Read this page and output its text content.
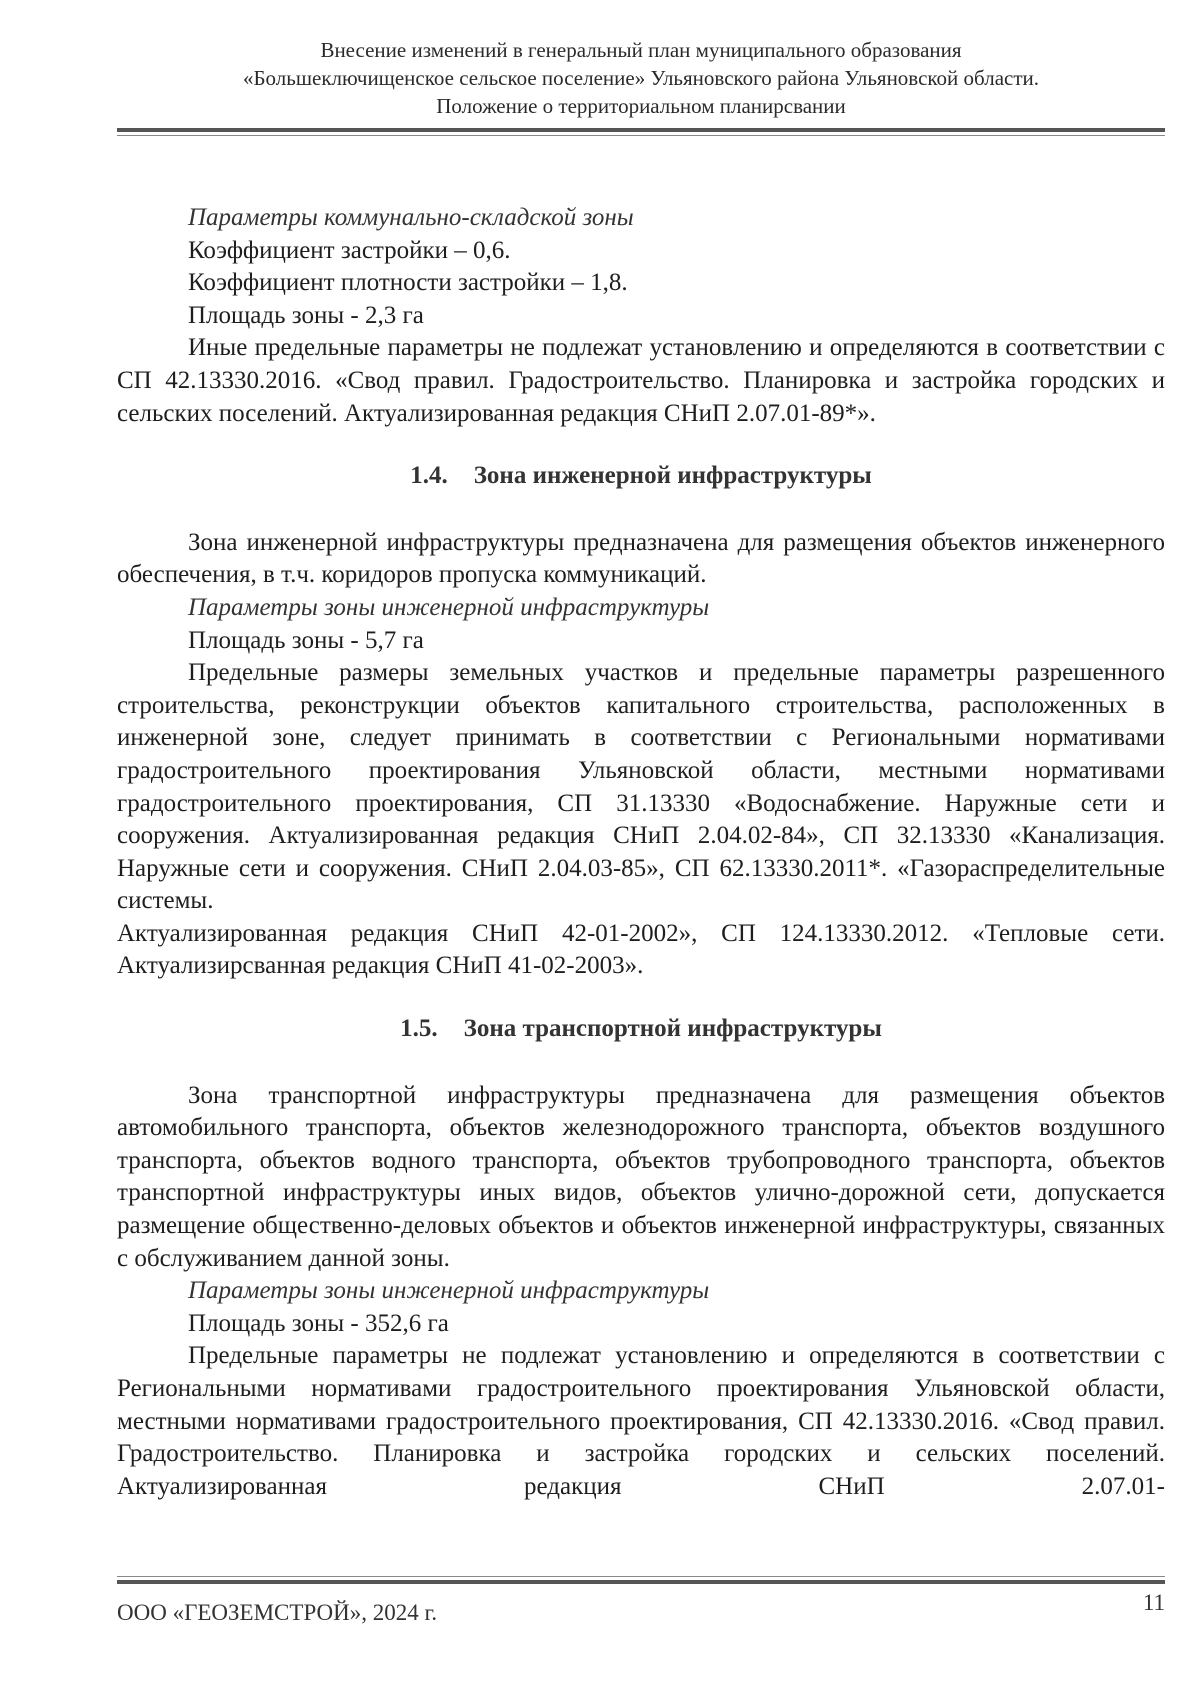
Внесение изменений в генеральный план муниципального образования
«Большеключищенское сельское поселение» Ульяновского района Ульяновской области.
Положение о территориальном планирсвании

Параметры коммунально-складской зоны

Коэффициент застройки – 0,6.

Коэффициент плотности застройки – 1,8.

Площадь зоны - 2,3 га

Иные предельные параметры не подлежат установлению и определяются в соответствии с СП 42.13330.2016. «Свод правил. Градостроительство. Планировка и застройка городских и сельских поселений. Актуализированная редакция СНиП 2.07.01-89*».

1.4. Зона инженерной инфраструктуры

Зона инженерной инфраструктуры предназначена для размещения объектов инженерного обеспечения, в т.ч. коридоров пропуска коммуникаций.

Параметры зоны инженерной инфраструктуры

Площадь зоны - 5,7 га

Предельные размеры земельных участков и предельные параметры разрешенного строительства, реконструкции объектов капитального строительства, расположенных в инженерной зоне, следует принимать в соответствии с Региональными нормативами градостроительного проектирования Ульяновской области, местными нормативами градостроительного проектирования, СП 31.13330 «Водоснабжение. Наружные сети и сооружения. Актуализированная редакция СНиП 2.04.02-84», СП 32.13330 «Канализация. Наружные сети и сооружения. СНиП 2.04.03-85», СП 62.13330.2011*. «Газораспределительные системы.

Актуализированная редакция СНиП 42-01-2002», СП 124.13330.2012. «Тепловые сети. Актуализирсванная редакция СНиП 41-02-2003».

1.5. Зона транспортной инфраструктуры

Зона транспортной инфраструктуры предназначена для размещения объектов автомобильного транспорта, объектов железнодорожного транспорта, объектов воздушного транспорта, объектов водного транспорта, объектов трубопроводного транспорта, объектов транспортной инфраструктуры иных видов, объектов улично-дорожной сети, допускается размещение общественно-деловых объектов и объектов инженерной инфраструктуры, связанных с обслуживанием данной зоны.

Параметры зоны инженерной инфраструктуры

Площадь зоны - 352,6 га

Предельные параметры не подлежат установлению и определяются в соответствии с Региональными нормативами градостроительного проектирования Ульяновской области, местными нормативами градостроительного проектирования, СП 42.13330.2016. «Свод правил. Градостроительство. Планировка и застройка городских и сельских поселений. Актуализированная редакция СНиП 2.07.01-

ООО «ГЕОЗЕМСТРОЙ», 2024 г.	11
